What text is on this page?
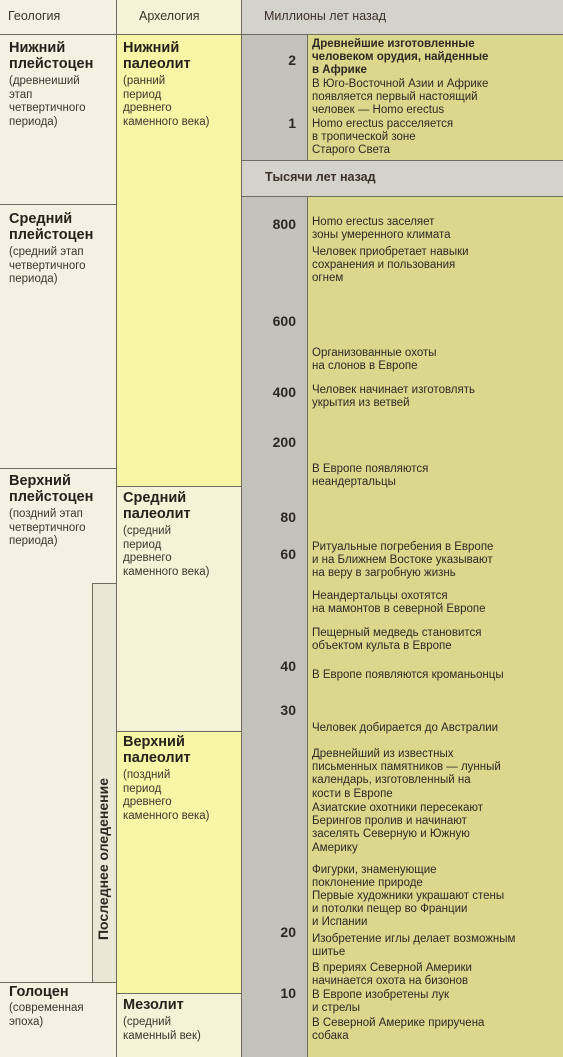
Геология	Архелогия	Миллионы лет назад
Тысячи лет назад
Нижний
плейстоцен
(древнеиший
этап
четвертичного
периода)
Средний
плейстоцен
(средний этап
четвертичного
периода)
Верхний
плейстоцен
(поздний этап
четвертичного
периода)
Голоцен
(современная
эпоха)
Последнее оледенение
Нижний
палеолит
(ранний
период
древнего
каменного века)
Средний
палеолит
(средний
период
древнего
каменного века)
Верхний
палеолит
(поздний
период
древнего
каменного века)
Мезолит
(средний
каменный век)
2
1
800
600
400
200
80
60
40
30
20
10
Древнейшие изготовленные
человеком орудия, найденные
в Африке
В Юго-Восточной Азии и Африке
появляется первый настоящий
человек — Homo erectus
Homo erectus расселяется
в тропической зоне
Старого Света
Homo erectus заселяет
зоны умеренного климата
Человек приобретает навыки
сохранения и пользования
огнем
Организованные охоты
на слонов в Европе
Человек начинает изготовлять
укрытия из ветвей
В Европе появляются
неандертальцы
Ритуальные погребения в Европе
и на Ближнем Востоке указывают
на веру в загробную жизнь
Неандертальцы охотятся
на мамонтов в северной Европе
Пещерный медведь становится
объектом культа в Европе
В Европе появляются кроманьонцы
Человек добирается до Австралии
Древнейший из известных
письменных памятников — лунный
календарь, изготовленный на
кости в Европе
Азиатские охотники пересекают
Берингов пролив и начинают
заселять Северную и Южную
Америку
Фигурки, знаменующие
поклонение природе
Первые художники украшают стены
и потолки пещер во Франции
и Испании
Изобретение иглы делает возможным
шитье
В прериях Северной Америки
начинается охота на бизонов
В Европе изобретены лук
и стрелы
В Северной Америке приручена
собака
